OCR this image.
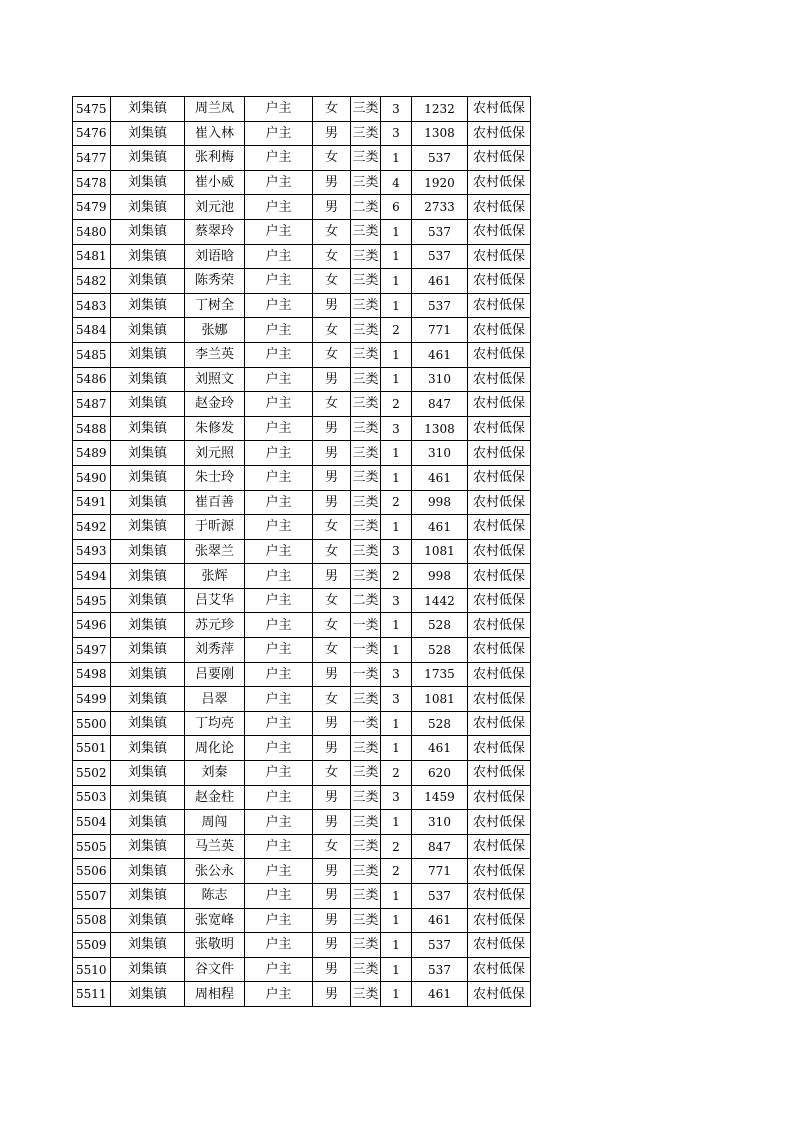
5475	刘集镇	周兰凤	户主	女	三类	3	1232	农村低保
5476	刘集镇	崔入林	户主	男	三类	3	1308	农村低保
5477	刘集镇	张利梅	户主	女	三类	1	537	农村低保
5478	刘集镇	崔小威	户主	男	三类	4	1920	农村低保
5479	刘集镇	刘元池	户主	男	二类	6	2733	农村低保
5480	刘集镇	蔡翠玲	户主	女	三类	1	537	农村低保
5481	刘集镇	刘语晗	户主	女	三类	1	537	农村低保
5482	刘集镇	陈秀荣	户主	女	三类	1	461	农村低保
5483	刘集镇	丁树全	户主	男	三类	1	537	农村低保
5484	刘集镇	张娜	户主	女	三类	2	771	农村低保
5485	刘集镇	李兰英	户主	女	三类	1	461	农村低保
5486	刘集镇	刘照文	户主	男	三类	1	310	农村低保
5487	刘集镇	赵金玲	户主	女	三类	2	847	农村低保
5488	刘集镇	朱修发	户主	男	三类	3	1308	农村低保
5489	刘集镇	刘元照	户主	男	三类	1	310	农村低保
5490	刘集镇	朱士玲	户主	男	三类	1	461	农村低保
5491	刘集镇	崔百善	户主	男	三类	2	998	农村低保
5492	刘集镇	于昕源	户主	女	三类	1	461	农村低保
5493	刘集镇	张翠兰	户主	女	三类	3	1081	农村低保
5494	刘集镇	张辉	户主	男	三类	2	998	农村低保
5495	刘集镇	吕艾华	户主	女	二类	3	1442	农村低保
5496	刘集镇	苏元珍	户主	女	一类	1	528	农村低保
5497	刘集镇	刘秀萍	户主	女	一类	1	528	农村低保
5498	刘集镇	吕要刚	户主	男	一类	3	1735	农村低保
5499	刘集镇	吕翠	户主	女	三类	3	1081	农村低保
5500	刘集镇	丁均亮	户主	男	一类	1	528	农村低保
5501	刘集镇	周化论	户主	男	三类	1	461	农村低保
5502	刘集镇	刘秦	户主	女	三类	2	620	农村低保
5503	刘集镇	赵金柱	户主	男	三类	3	1459	农村低保
5504	刘集镇	周闯	户主	男	三类	1	310	农村低保
5505	刘集镇	马兰英	户主	女	三类	2	847	农村低保
5506	刘集镇	张公永	户主	男	三类	2	771	农村低保
5507	刘集镇	陈志	户主	男	三类	1	537	农村低保
5508	刘集镇	张宽峰	户主	男	三类	1	461	农村低保
5509	刘集镇	张敬明	户主	男	三类	1	537	农村低保
5510	刘集镇	谷文件	户主	男	三类	1	537	农村低保
5511	刘集镇	周相程	户主	男	三类	1	461	农村低保
